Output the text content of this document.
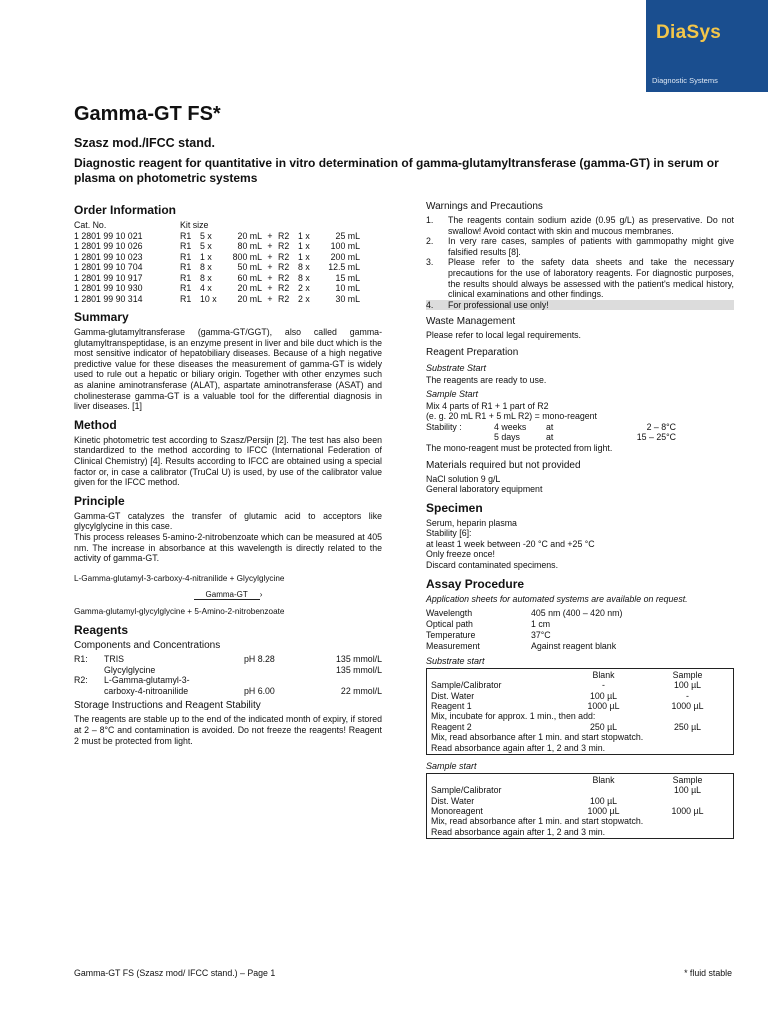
DiaSys
Diagnostic Systems
Gamma-GT FS*
Szasz mod./IFCC stand.
Diagnostic reagent for quantitative in vitro determination of gamma-glutamyltransferase (gamma-GT) in serum or plasma on photometric systems
Order Information
Cat. No.	Kit size						
1 2801 99 10 021	R1	5 x	20 mL	+	R2	1 x	25 mL
1 2801 99 10 026	R1	5 x	80 mL	+	R2	1 x	100 mL
1 2801 99 10 023	R1	1 x	800 mL	+	R2	1 x	200 mL
1 2801 99 10 704	R1	8 x	50 mL	+	R2	8 x	12.5 mL
1 2801 99 10 917	R1	8 x	60 mL	+	R2	8 x	15 mL
1 2801 99 10 930	R1	4 x	20 mL	+	R2	2 x	10 mL
1 2801 99 90 314	R1	10 x	20 mL	+	R2	2 x	30 mL
Summary

Gamma-glutamyltransferase (gamma-GT/GGT), also called gamma-glutamyltranspeptidase, is an enzyme present in liver and bile duct which is the most sensitive indicator of hepatobiliary diseases. Because of a high negative predictive value for these diseases the measurement of gamma-GT is widely used to rule out a hepatic or biliary origin. Together with other enzymes such as alanine aminotransferase (ALAT), aspartate aminotransferase (ASAT) and cholinesterase gamma-GT is a valuable tool for the differential diagnosis in liver diseases. [1]

Method

Kinetic photometric test according to Szasz/Persijn [2]. The test has also been standardized to the method according to IFCC (International Federation of Clinical Chemistry) [4]. Results according to IFCC are obtained using a special factor or, in case a calibrator (TruCal U) is used, by use of the calibrator value given for the IFCC method.

Principle

Gamma-GT catalyzes the transfer of glutamic acid to acceptors like glycylglycine in this case.

This process releases 5-amino-2-nitrobenzoate which can be measured at 405 nm. The increase in absorbance at this wavelength is directly related to the activity of gamma-GT.

L-Gamma-glutamyl-3-carboxy-4-nitranilide + Glycylglycine
Gamma-GT ›
Gamma-glutamyl-glycylglycine + 5-Amino-2-nitrobenzoate
Reagents
Components and Concentrations
R1:	TRIS	pH 8.28	135 mmol/L
	Glycylglycine		135 mmol/L
R2:	L-Gamma-glutamyl-3-		
	carboxy-4-nitroanilide	pH 6.00	22 mmol/L
Storage Instructions and Reagent Stability

The reagents are stable up to the end of the indicated month of expiry, if stored at 2 – 8°C and contamination is avoided. Do not freeze the reagents! Reagent 2 must be protected from light.

Warnings and Precautions
1.	The reagents contain sodium azide (0.95 g/L) as preservative. Do not swallow! Avoid contact with skin and mucous membranes.
2.	In very rare cases, samples of patients with gammopathy might give falsified results [8].
3.	Please refer to the safety data sheets and take the necessary precautions for the use of laboratory reagents. For diagnostic purposes, the results should always be assessed with the patient's medical history, clinical examinations and other findings.
4.	For professional use only!
Waste Management

Please refer to local legal requirements.

Reagent Preparation
Substrate Start

The reagents are ready to use.

Sample Start

Mix 4 parts of R1 + 1 part of R2

(e. g. 20 mL R1 + 5 mL R2) = mono-reagent

Stability :	4 weeks	at	2 – 8°C
	5 days	at	15 – 25°C

The mono-reagent must be protected from light.

Materials required but not provided

NaCl solution 9 g/L

General laboratory equipment

Specimen

Serum, heparin plasma

Stability [6]:

at least 1 week between -20 °C and +25 °C

Only freeze once!

Discard contaminated specimens.

Assay Procedure

Application sheets for automated systems are available on request.

Wavelength	405 nm (400 – 420 nm)
Optical path	1 cm
Temperature	37°C
Measurement	Against reagent blank
Substrate start
	Blank	Sample
Sample/Calibrator	-	100 µL
Dist. Water	100 µL	-
Reagent 1	1000 µL	1000 µL
Mix, incubate for approx. 1 min., then add:		
Reagent 2	250 µL	250 µL
Mix, read absorbance after 1 min. and start stopwatch.		
Read absorbance again after 1, 2 and 3 min.		
Sample start
	Blank	Sample
Sample/Calibrator		100 µL
Dist. Water	100 µL	
Monoreagent	1000 µL	1000 µL
Mix, read absorbance after 1 min. and start stopwatch.		
Read absorbance again after 1, 2 and 3 min.		
Gamma-GT FS (Szasz mod/ IFCC stand.) – Page 1	* fluid stable
